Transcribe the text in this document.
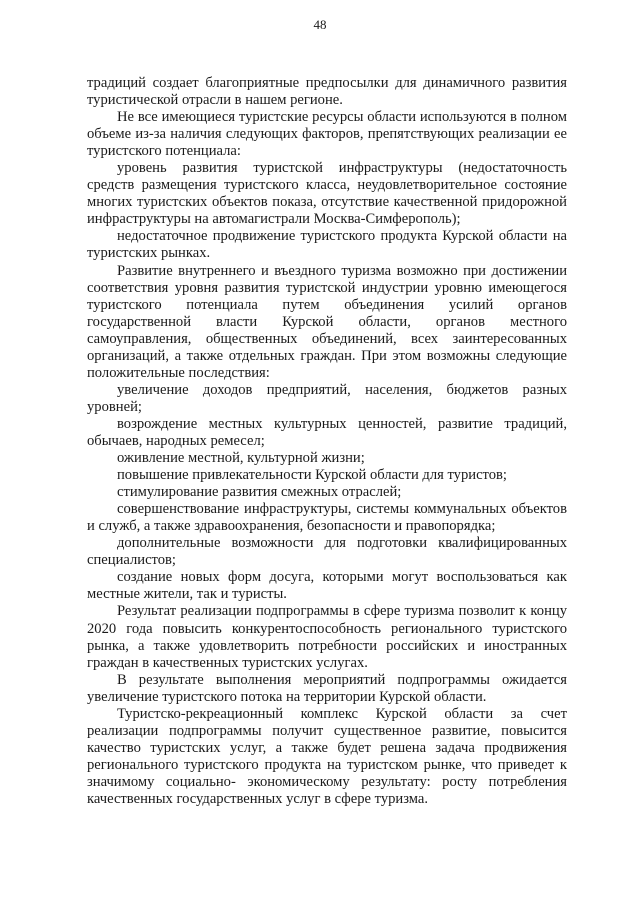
48

традиций создает благоприятные предпосылки для динамичного развития туристической отрасли в нашем регионе.

Не все имеющиеся туристские ресурсы области используются в полном объеме из-за наличия следующих факторов, препятствующих реализации ее туристского потенциала:

уровень развития туристской инфраструктуры (недостаточность средств размещения туристского класса, неудовлетворительное состояние многих туристских объектов показа, отсутствие качественной придорожной инфраструктуры на автомагистрали Москва-Симферополь);

недостаточное продвижение туристского продукта Курской области на туристских рынках.

Развитие внутреннего и въездного туризма возможно при достижении соответствия уровня развития туристской индустрии уровню имеющегося туристского потенциала путем объединения усилий органов государственной власти Курской области, органов местного самоуправления, общественных объединений, всех заинтересованных организаций, а также отдельных граждан. При этом возможны следующие положительные последствия:

увеличение доходов предприятий, населения, бюджетов разных уровней;

возрождение местных культурных ценностей, развитие традиций, обычаев, народных ремесел;

оживление местной, культурной жизни;

повышение привлекательности Курской области для туристов;

стимулирование развития смежных отраслей;

совершенствование инфраструктуры, системы коммунальных объектов и служб, а также здравоохранения, безопасности и правопорядка;

дополнительные возможности для подготовки квалифицированных специалистов;

создание новых форм досуга, которыми могут воспользоваться как местные жители, так и туристы.

Результат реализации подпрограммы в сфере туризма позволит к концу 2020 года повысить конкурентоспособность регионального туристского рынка, а также удовлетворить потребности российских и иностранных граждан в качественных туристских услугах.

В результате выполнения мероприятий подпрограммы ожидается увеличение туристского потока на территории Курской области.

Туристско-рекреационный комплекс Курской области за счет реализации подпрограммы получит существенное развитие, повысится качество туристских услуг, а также будет решена задача продвижения регионального туристского продукта на туристском рынке, что приведет к значимому социально- экономическому результату: росту потребления качественных государственных услуг в сфере туризма.
